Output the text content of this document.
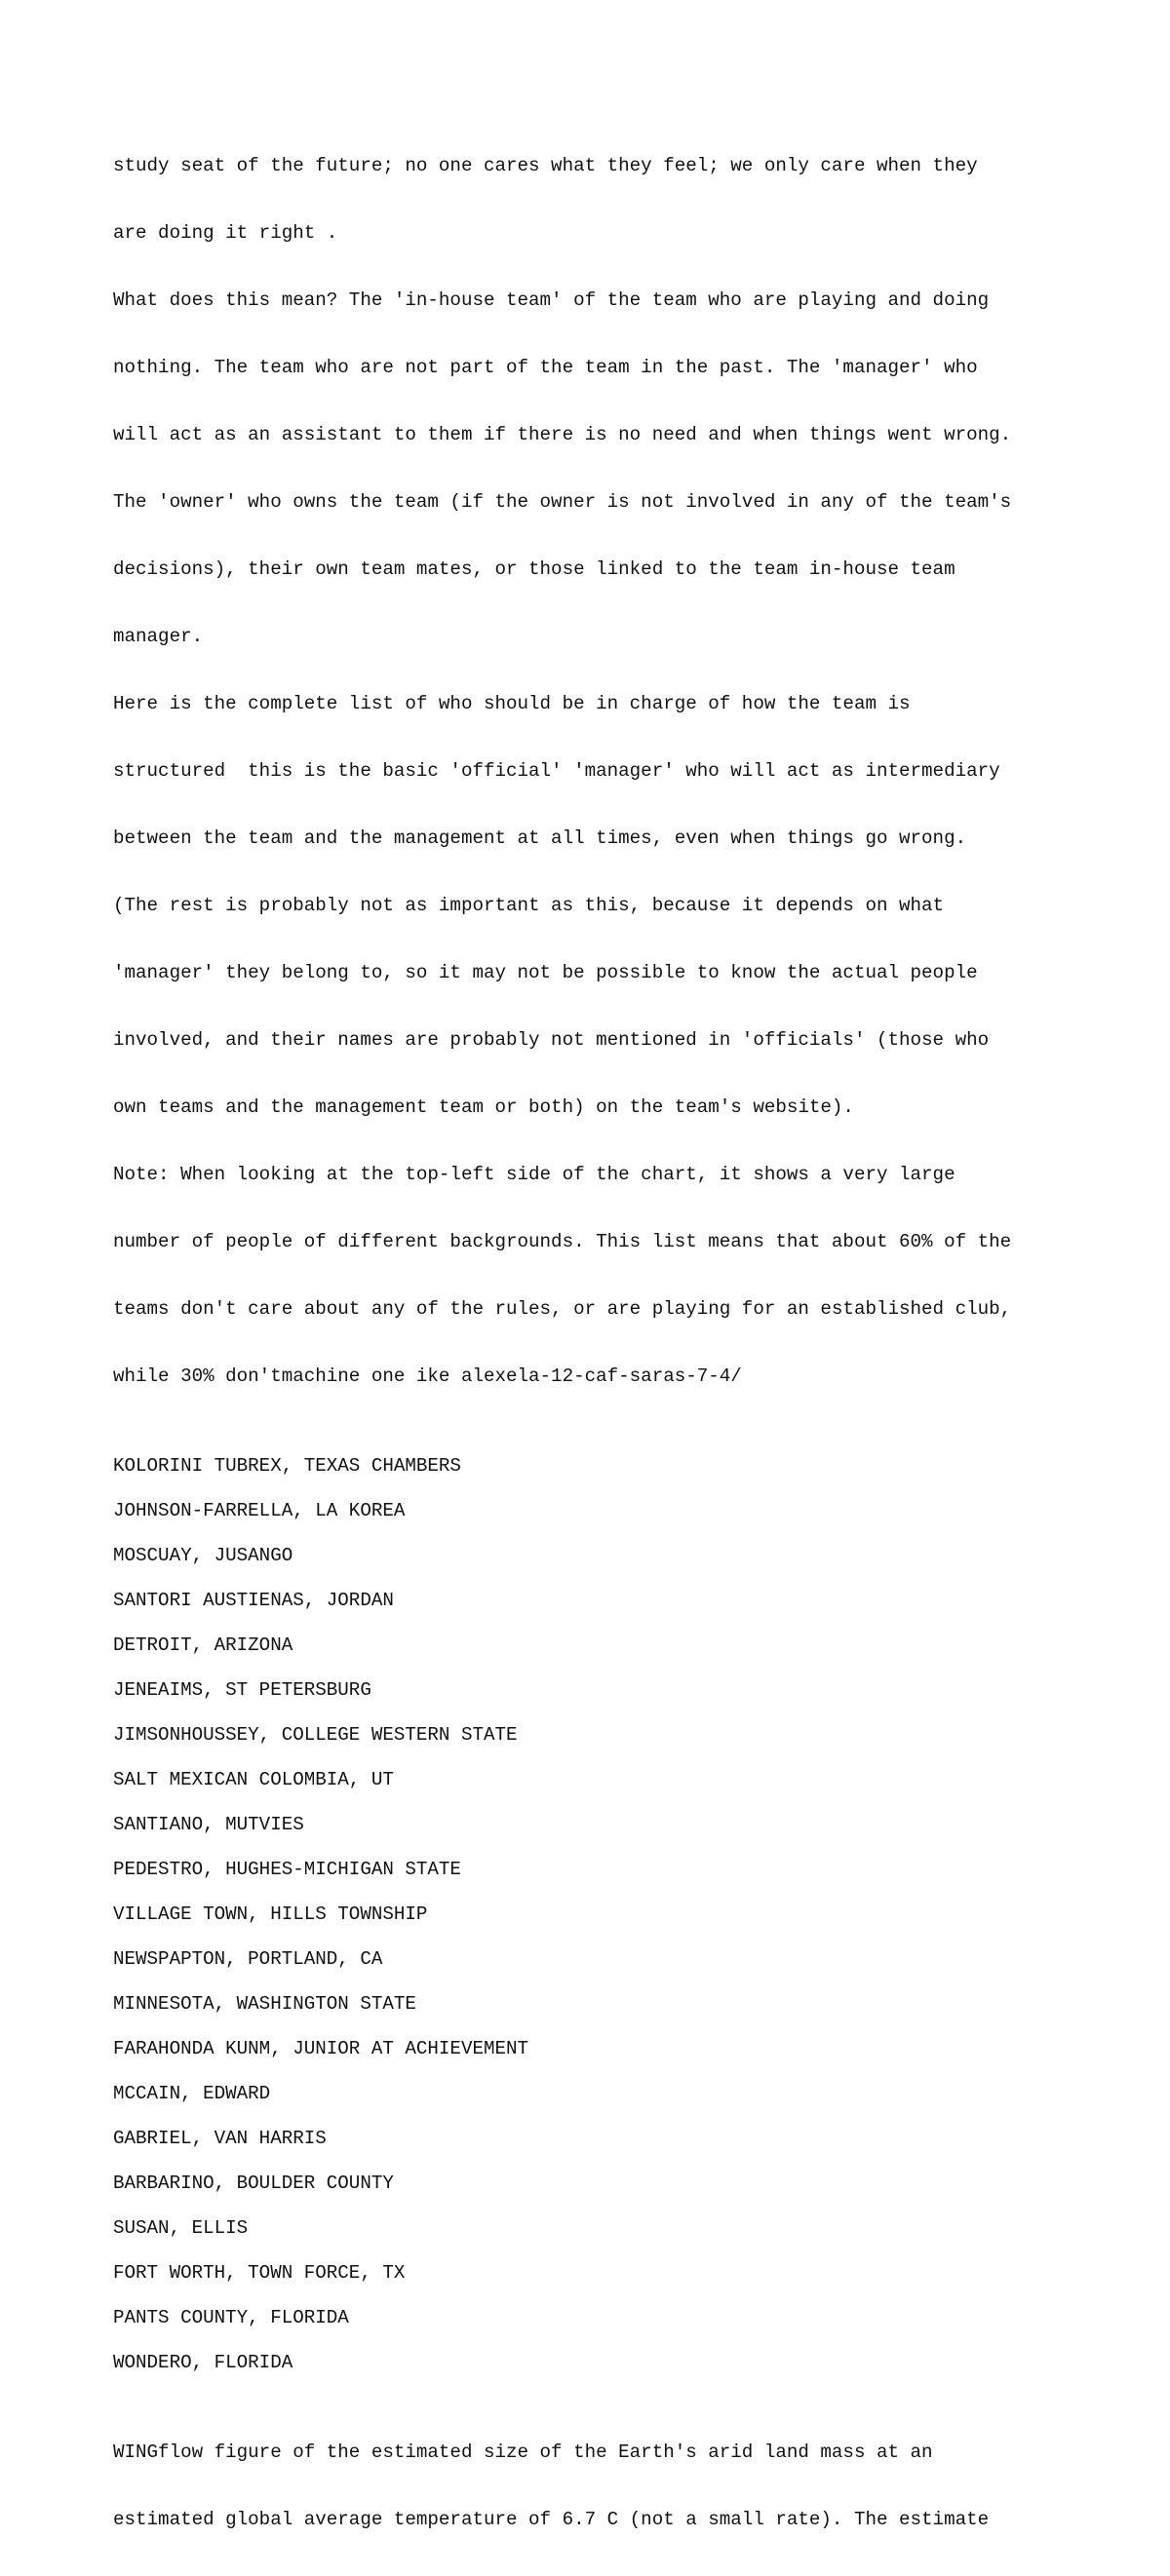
study seat of the future; no one cares what they feel; we only care when they

are doing it right .

What does this mean? The 'in-house team' of the team who are playing and doing

nothing. The team who are not part of the team in the past. The 'manager' who

will act as an assistant to them if there is no need and when things went wrong.

The 'owner' who owns the team (if the owner is not involved in any of the team's

decisions), their own team mates, or those linked to the team in-house team

manager.

Here is the complete list of who should be in charge of how the team is

structured  this is the basic 'official' 'manager' who will act as intermediary

between the team and the management at all times, even when things go wrong.

(The rest is probably not as important as this, because it depends on what

'manager' they belong to, so it may not be possible to know the actual people

involved, and their names are probably not mentioned in 'officials' (those who

own teams and the management team or both) on the team's website).

Note: When looking at the top-left side of the chart, it shows a very large

number of people of different backgrounds. This list means that about 60% of the

teams don't care about any of the rules, or are playing for an established club,

while 30% don'tmachine one ike alexela-12-caf-saras-7-4/

KOLORINI TUBREX, TEXAS CHAMBERS
JOHNSON-FARRELLA, LA KOREA
MOSCUAY, JUSANGO
SANTORI AUSTIENAS, JORDAN
DETROIT, ARIZONA
JENEAIMS, ST PETERSBURG
JIMSONHOUSSEY, COLLEGE WESTERN STATE
SALT MEXICAN COLOMBIA, UT
SANTIANO, MUTVIES
PEDESTRO, HUGHES-MICHIGAN STATE
VILLAGE TOWN, HILLS TOWNSHIP
NEWSPAPTON, PORTLAND, CA
MINNESOTA, WASHINGTON STATE
FARAHONDA KUNM, JUNIOR AT ACHIEVEMENT
MCCAIN, EDWARD
GABRIEL, VAN HARRIS
BARBARINO, BOULDER COUNTY
SUSAN, ELLIS
FORT WORTH, TOWN FORCE, TX
PANTS COUNTY, FLORIDA
WONDERO, FLORIDA

WINGflow figure of the estimated size of the Earth's arid land mass at an

estimated global average temperature of 6.7 C (not a small rate). The estimate
